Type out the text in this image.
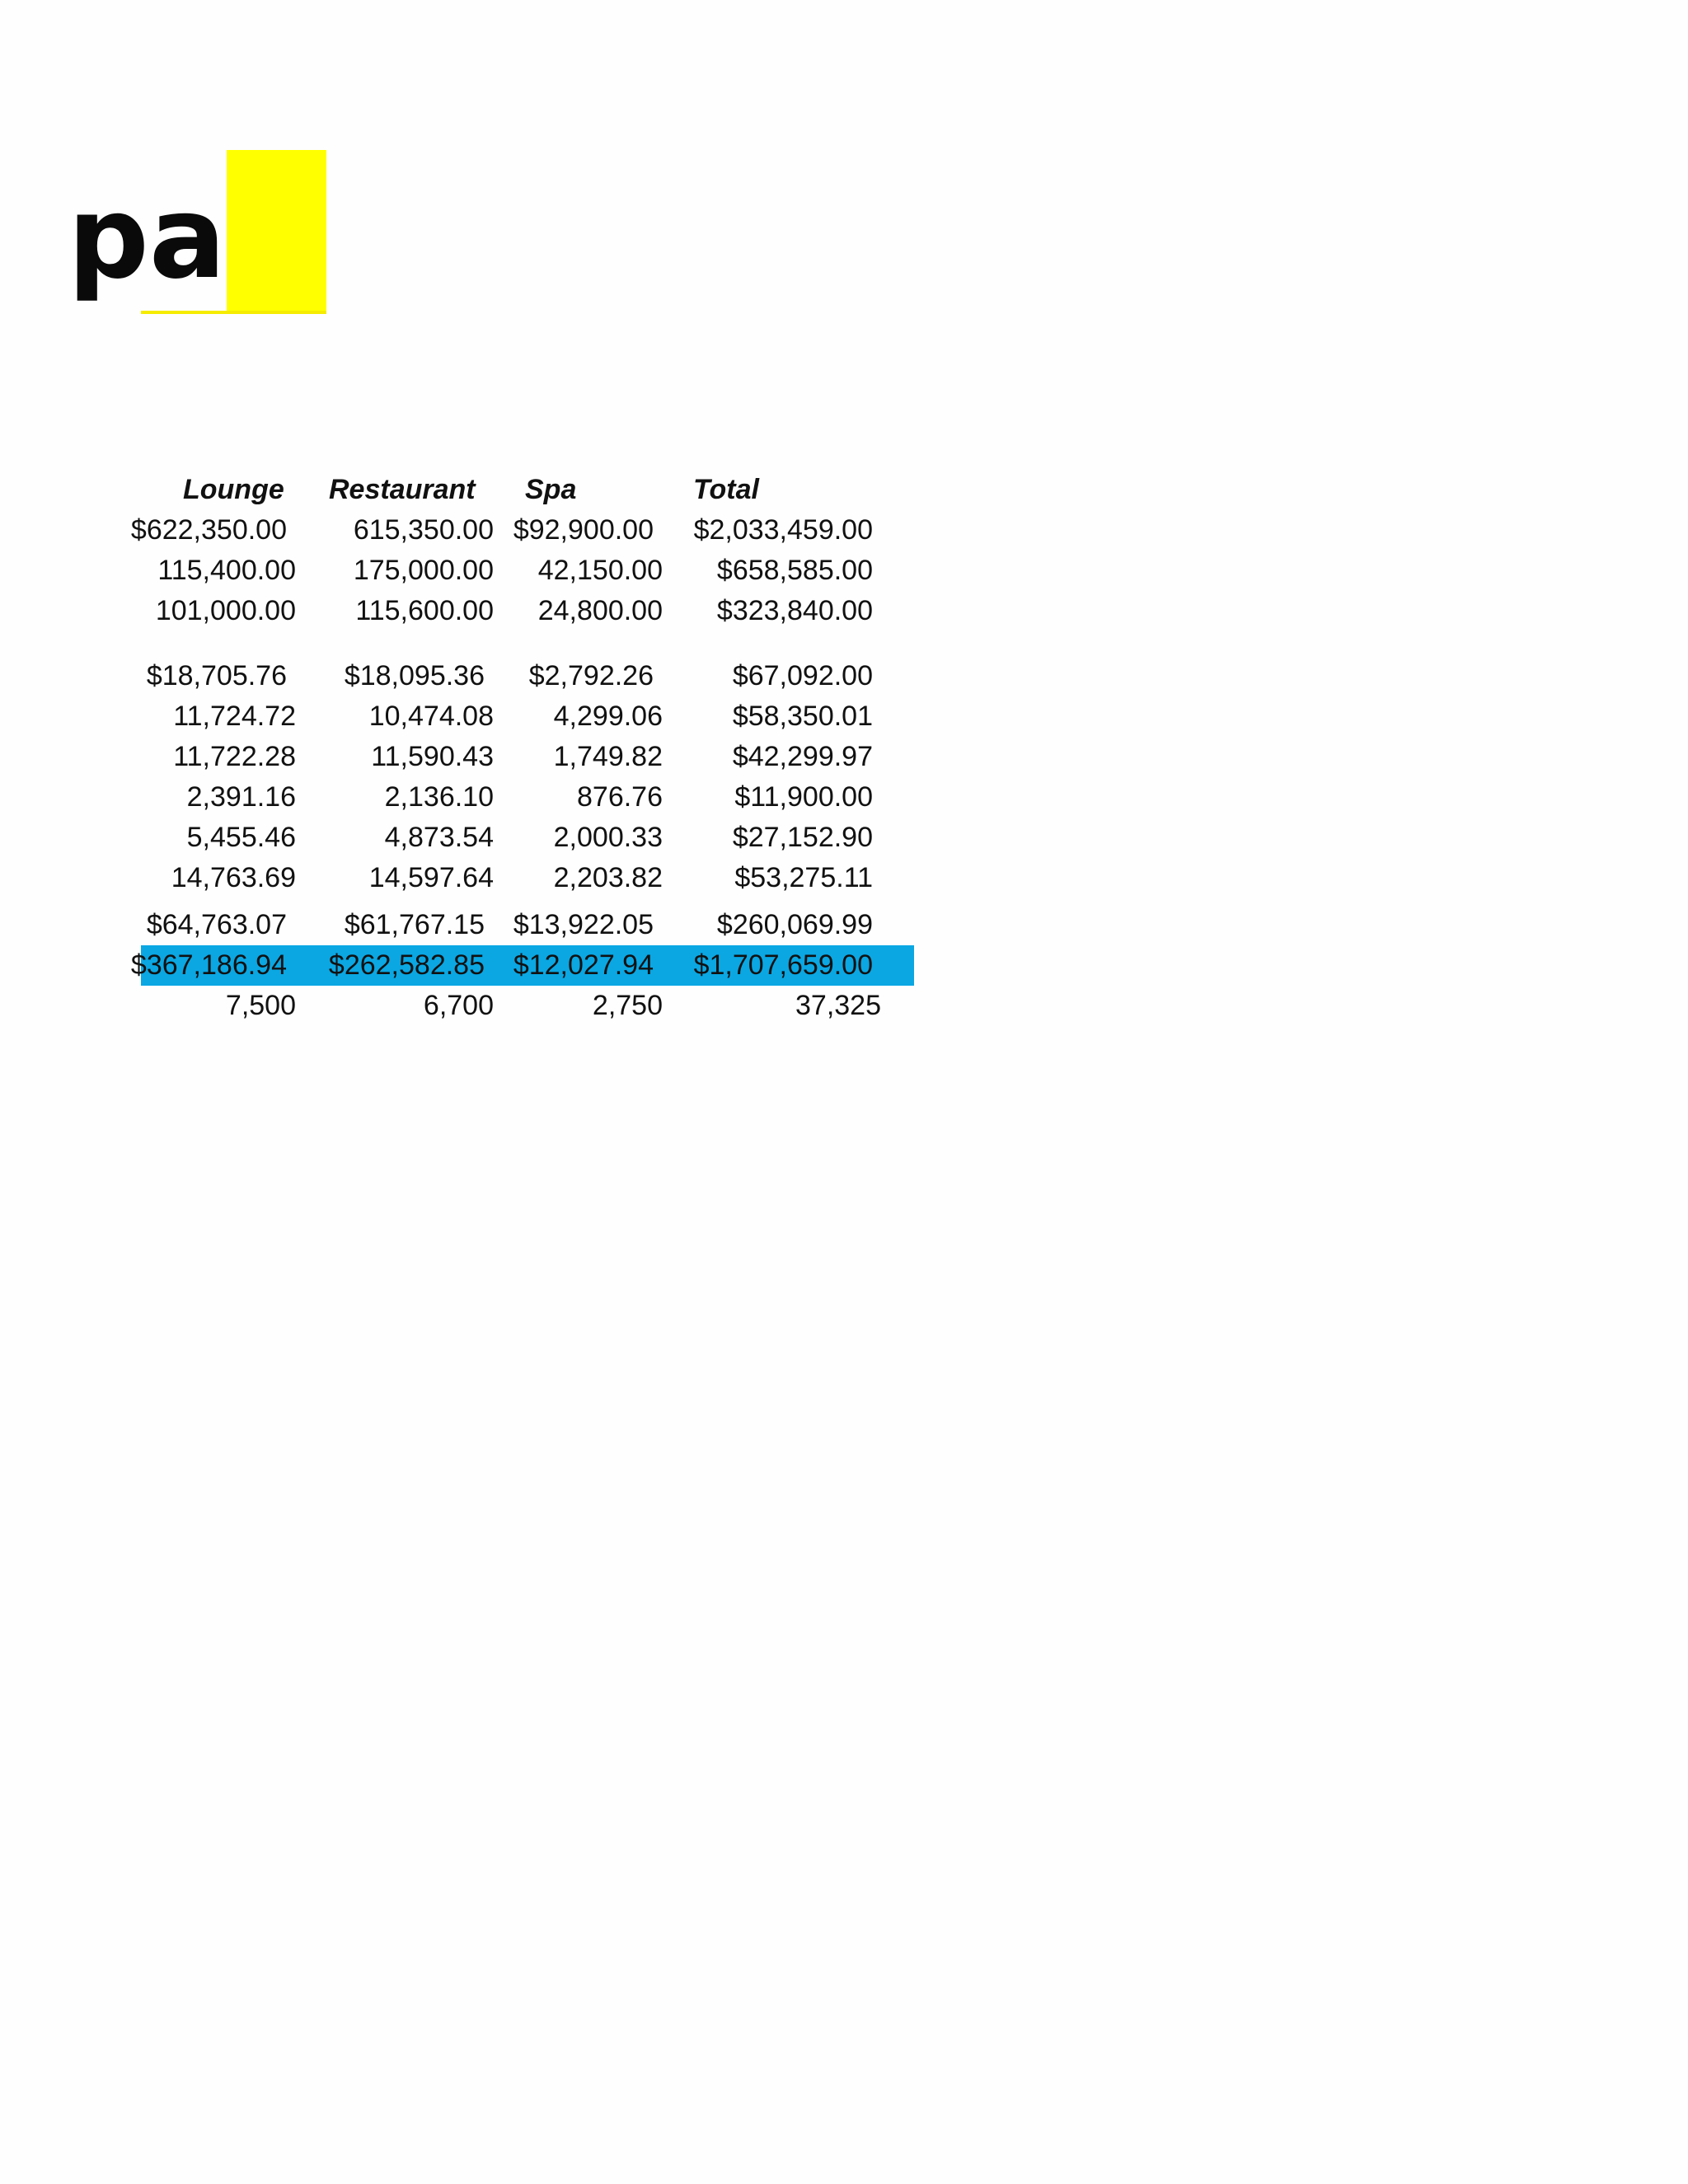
pa
Lounge Restaurant Spa	Total
$622,350.00 615,350.00 $92,900.00 $2,033,459.00
115,400.00 175,000.00 42,150.00 $658,585.00
101,000.00 115,600.00 24,800.00 $323,840.00
$18,705.76 $18,095.36 $2,792.26	$67,092.00
11,724.72	10,474.08 4,299.06 $58,350.01
11,722.28	11,590.43 1,749.82 $42,299.97
2,391.16	2,136.10	876.76	$11,900.00
5,455.46	4,873.54 2,000.33 $27,152.90
14,763.69	14,597.64 2,203.82	$53,275.11
$64,763.07 $61,767.15 $13,922.05 $260,069.99
$367,186.94 $262,582.85 $12,027.94 $1,707,659.00
7,500	6,700	2,750	37,325
